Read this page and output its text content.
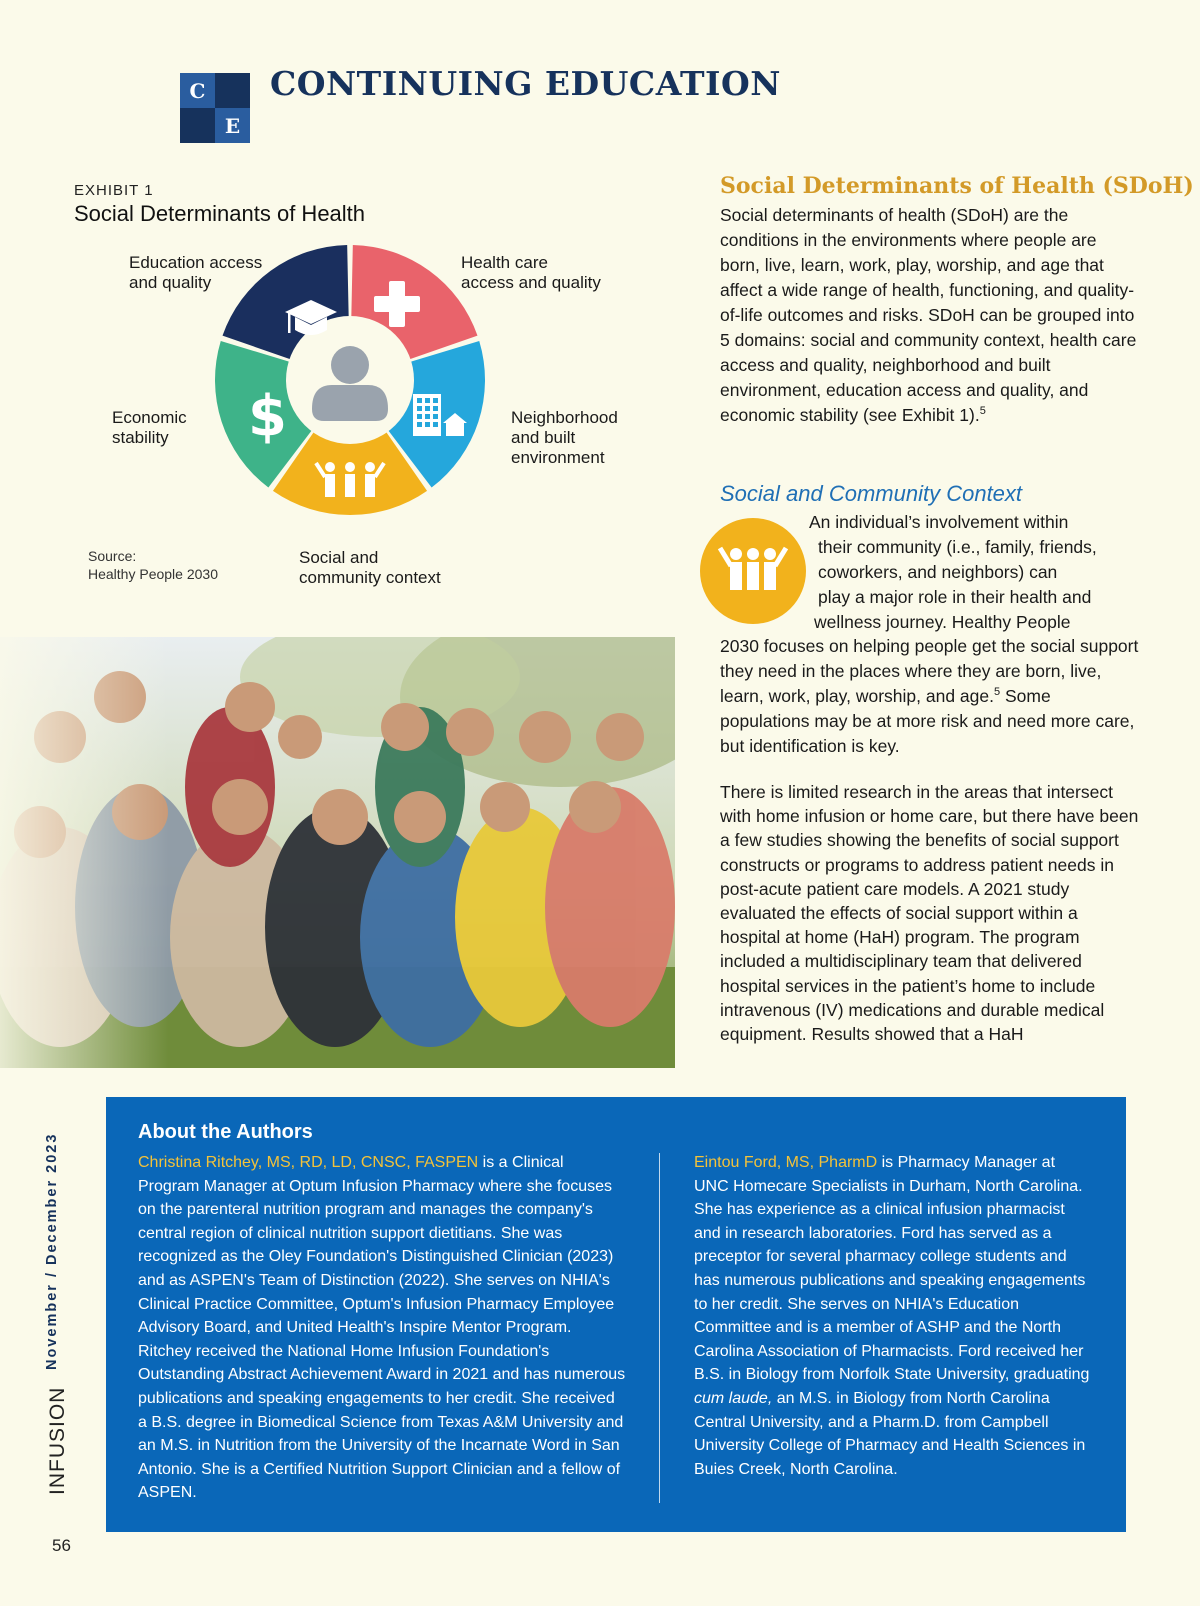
C
E
CONTINUING EDUCATION
EXHIBIT 1
Social Determinants of Health
$
Education access
and quality
Health care
access and quality
Neighborhood
and built
environment
Social and
community context
Economic
stability
Source:
Healthy People 2030
Social Determinants of Health (SDoH)
Social determinants of health (SDoH) are the conditions in the environments where people are born, live, learn, work, play, worship, and age that affect a wide range of health, functioning, and quality-of-life outcomes and risks. SDoH can be grouped into 5 domains: social and community context, health care access and quality, neighborhood and built environment, education access and quality, and economic stability (see Exhibit 1).$^5$
Social and Community Context
An individual’s involvement within
their community (i.e., family, friends,
coworkers, and neighbors) can
play a major role in their health and
wellness journey. Healthy People
2030 focuses on helping people get the social support they need in the places where they are born, live, learn, work, play, worship, and age.$^5$ Some populations may be at more risk and need more care, but identification is key.
There is limited research in the areas that intersect with home infusion or home care, but there have been a few studies showing the benefits of social support constructs or programs to address patient needs in post-acute patient care models. A 2021 study evaluated the effects of social support within a hospital at home (HaH) program. The program included a multidisciplinary team that delivered hospital services in the patient’s home to include intravenous (IV) medications and durable medical equipment. Results showed that a HaH
About the Authors
Christina Ritchey, MS, RD, LD, CNSC, FASPEN is a Clinical Program Manager at Optum Infusion Pharmacy where she focuses on the parenteral nutrition program and manages the company's central region of clinical nutrition support dietitians. She was recognized as the Oley Foundation's Distinguished Clinician (2023) and as ASPEN's Team of Distinction (2022). She serves on NHIA's Clinical Practice Committee, Optum's Infusion Pharmacy Employee Advisory Board, and United Health's Inspire Mentor Program. Ritchey received the National Home Infusion Foundation's Outstanding Abstract Achievement Award in 2021 and has numerous publications and speaking engagements to her credit. She received a B.S. degree in Biomedical Science from Texas A&M University and an M.S. in Nutrition from the University of the Incarnate Word in San Antonio. She is a Certified Nutrition Support Clinician and a fellow of ASPEN.
Eintou Ford, MS, PharmD is Pharmacy Manager at UNC Homecare Specialists in Durham, North Carolina. She has experience as a clinical infusion pharmacist and in research laboratories. Ford has served as a preceptor for several pharmacy college students and has numerous publications and speaking engagements to her credit. She serves on NHIA's Education Committee and is a member of ASHP and the North Carolina Association of Pharmacists. Ford received her B.S. in Biology from Norfolk State University, graduating cum laude, an M.S. in Biology from North Carolina Central University, and a Pharm.D. from Campbell University College of Pharmacy and Health Sciences in Buies Creek, North Carolina.
November / December 2023
INFUSION
56
